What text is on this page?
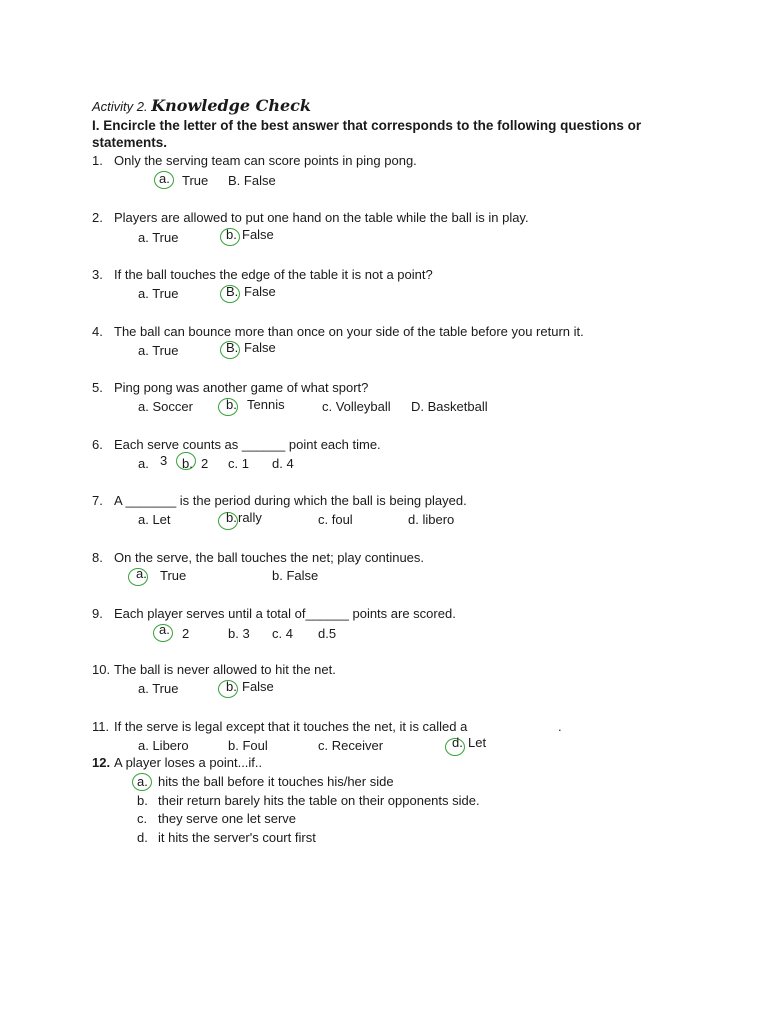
Activity 2. Knowledge Check
I. Encircle the letter of the best answer that corresponds to the following questions or
statements.
1. Only the serving team can score points in ping pong.
a. True B. False
2. Players are allowed to put one hand on the table while the ball is in play.
a. True	b. False
3. If the ball touches the edge of the table it is not a point?
a. True	B. False
4. The ball can bounce more than once on your side of the table before you return it.
a. True	B. False
5. Ping pong was another game of what sport?
a. Soccer	b. Tennis	c. Volleyball D. Basketball
6. Each serve counts as ______ point each time.
a. 3 b. 2 c. 1 d. 4
7. A _______ is the period during which the ball is being played.
a. Let	b. rally	c. foul	d. libero
8. On the serve, the ball touches the net; play continues.
a. True	b. False
9. Each player serves until a total of______ points are scored.
a. 2	b. 3 c. 4 d.5
10. The ball is never allowed to hit the net.
a. True	b. False
11. If the serve is legal except that it touches the net, it is called a	.
a. Libero	b. Foul	c. Receiver	d. Let
12. A player loses a point...if..
a. hits the ball before it touches his/her side
b. their return barely hits the table on their opponents side.
c. they serve one let serve
d. it hits the server's court first
